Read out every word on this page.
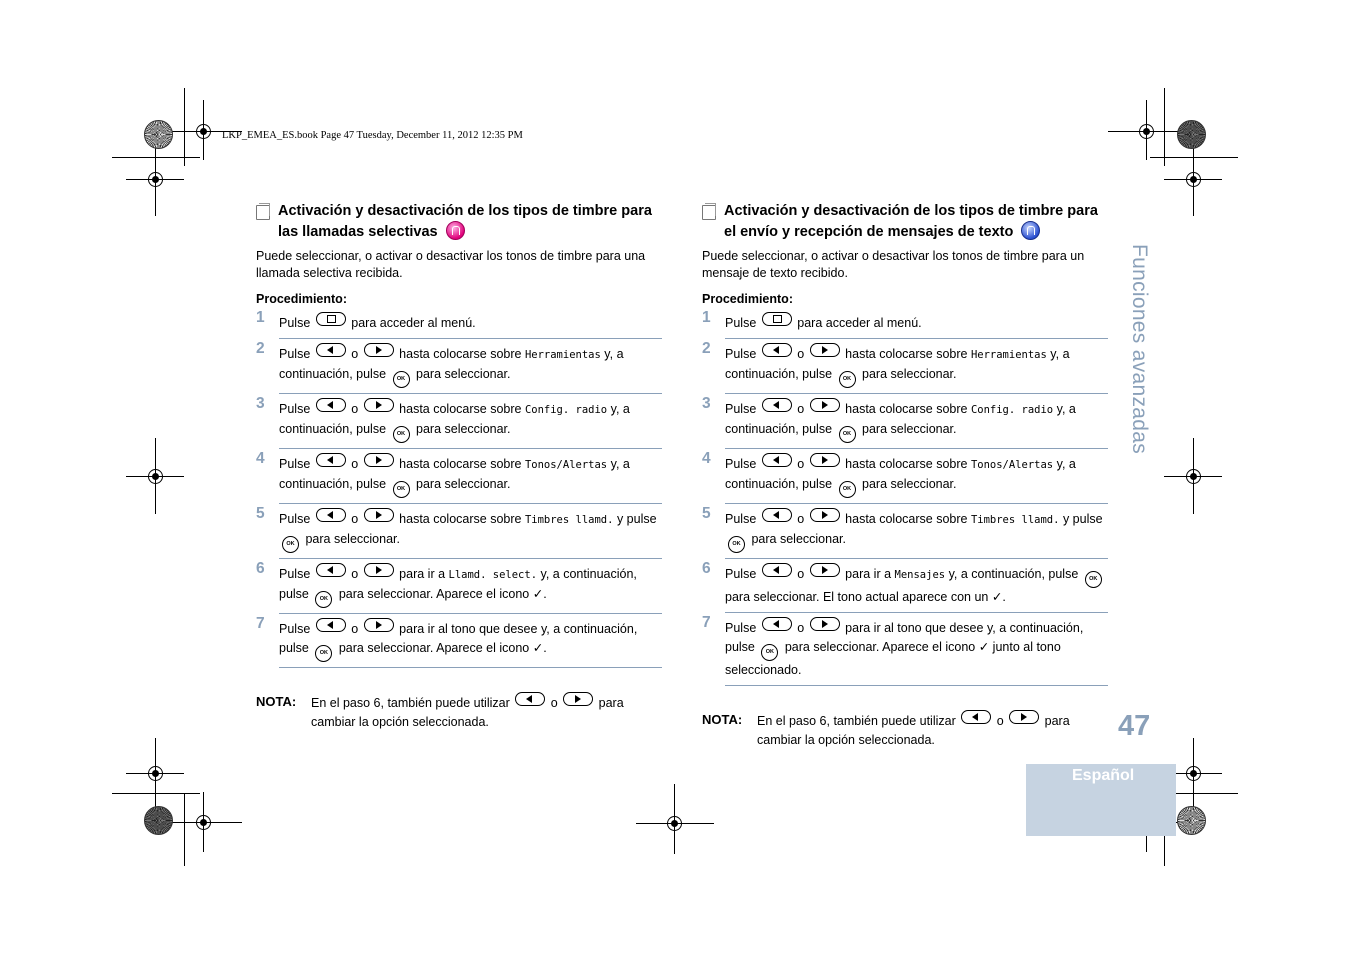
LKP_EMEA_ES.book Page 47 Tuesday, December 11, 2012 12:35 PM
Activación y desactivación de los tipos de timbre para las llamadas selectivas
Puede seleccionar, o activar o desactivar los tonos de timbre para una llamada selectiva recibida.
Procedimiento:
1 Pulse	para acceder al menú.
2 Pulse	o	hasta colocarse sobre Herramientas y, a continuación, pulse OK para seleccionar.
3 Pulse	o	hasta colocarse sobre Config. radio y, a continuación, pulse OK para seleccionar.
4 Pulse	o	hasta colocarse sobre Tonos/Alertas y, a continuación, pulse OK para seleccionar.
5 Pulse	o	hasta colocarse sobre Timbres llamd. y pulse OK para seleccionar.
6 Pulse	o	para ir a Llamd. select. y, a continuación, pulse OK para seleccionar. Aparece el icono ✓.
7 Pulse	o	para ir al tono que desee y, a continuación, pulse OK para seleccionar. Aparece el icono ✓.
NOTA: En el paso 6, también puede utilizar	o	para cambiar la opción seleccionada.
Activación y desactivación de los tipos de timbre para el envío y recepción de mensajes de texto
Puede seleccionar, o activar o desactivar los tonos de timbre para un mensaje de texto recibido.
Procedimiento:
1 Pulse	para acceder al menú.
2 Pulse	o	hasta colocarse sobre Herramientas y, a continuación, pulse OK para seleccionar.
3 Pulse	o	hasta colocarse sobre Config. radio y, a continuación, pulse OK para seleccionar.
4 Pulse	o	hasta colocarse sobre Tonos/Alertas y, a continuación, pulse OK para seleccionar.
5 Pulse	o	hasta colocarse sobre Timbres llamd. y pulse OK para seleccionar.
6 Pulse	o	para ir a Mensajes y, a continuación, pulse OK para seleccionar. El tono actual aparece con un ✓.
7 Pulse	o	para ir al tono que desee y, a continuación, pulse OK para seleccionar. Aparece el icono ✓ junto al tono seleccionado.
NOTA: En el paso 6, también puede utilizar	o	para cambiar la opción seleccionada.
Funciones avanzadas
47
Español
